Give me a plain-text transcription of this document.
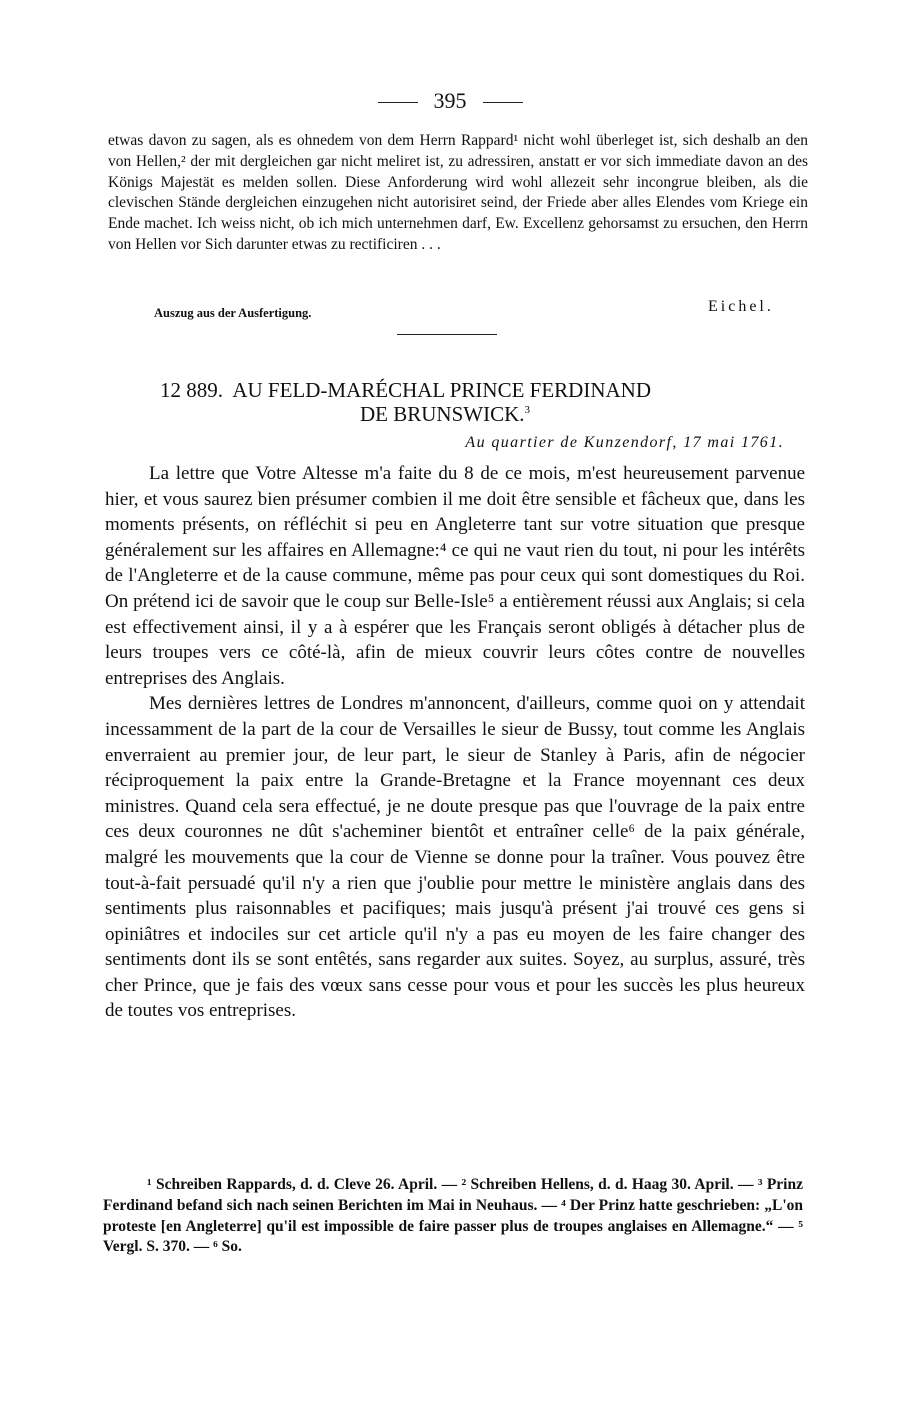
395

etwas davon zu sagen, als es ohnedem von dem Herrn Rappard¹ nicht wohl überleget ist, sich deshalb an den von Hellen,² der mit dergleichen gar nicht meliret ist, zu adressiren, anstatt er vor sich immediate davon an des Königs Majestät es melden sollen. Diese Anforderung wird wohl allezeit sehr incongrue bleiben, als die clevischen Stände dergleichen einzugehen nicht autorisiret seind, der Friede aber alles Elendes vom Kriege ein Ende machet. Ich weiss nicht, ob ich mich unternehmen darf, Ew. Excellenz gehorsamst zu ersuchen, den Herrn von Hellen vor Sich darunter etwas zu rectificiren . . .

Auszug aus der Ausfertigung.	Eichel.
12 889. AU FELD-MARÉCHAL PRINCE FERDINAND
DE BRUNSWICK.$^3$
Au quartier de Kunzendorf, 17 mai 1761.

La lettre que Votre Altesse m'a faite du 8 de ce mois, m'est heureusement parvenue hier, et vous saurez bien présumer combien il me doit être sensible et fâcheux que, dans les moments présents, on réfléchit si peu en Angleterre tant sur votre situation que presque généralement sur les affaires en Allemagne:⁴ ce qui ne vaut rien du tout, ni pour les intérêts de l'Angleterre et de la cause commune, même pas pour ceux qui sont domestiques du Roi. On prétend ici de savoir que le coup sur Belle-Isle⁵ a entièrement réussi aux Anglais; si cela est effectivement ainsi, il y a à espérer que les Français seront obligés à détacher plus de leurs troupes vers ce côté-là, afin de mieux couvrir leurs côtes contre de nouvelles entreprises des Anglais.

Mes dernières lettres de Londres m'annoncent, d'ailleurs, comme quoi on y attendait incessamment de la part de la cour de Versailles le sieur de Bussy, tout comme les Anglais enverraient au premier jour, de leur part, le sieur de Stanley à Paris, afin de négocier réciproquement la paix entre la Grande-Bretagne et la France moyennant ces deux ministres. Quand cela sera effectué, je ne doute presque pas que l'ouvrage de la paix entre ces deux couronnes ne dût s'acheminer bientôt et entraîner celle⁶ de la paix générale, malgré les mouvements que la cour de Vienne se donne pour la traîner. Vous pouvez être tout-à-fait persuadé qu'il n'y a rien que j'oublie pour mettre le ministère anglais dans des sentiments plus raisonnables et pacifiques; mais jusqu'à présent j'ai trouvé ces gens si opiniâtres et indociles sur cet article qu'il n'y a pas eu moyen de les faire changer des sentiments dont ils se sont entêtés, sans regarder aux suites. Soyez, au surplus, assuré, très cher Prince, que je fais des vœux sans cesse pour vous et pour les succès les plus heureux de toutes vos entreprises.

¹ Schreiben Rappards, d. d. Cleve 26. April. — ² Schreiben Hellens, d. d. Haag 30. April. — ³ Prinz Ferdinand befand sich nach seinen Berichten im Mai in Neuhaus. — ⁴ Der Prinz hatte geschrieben: „L'on proteste [en Angleterre] qu'il est impossible de faire passer plus de troupes anglaises en Allemagne.“ — ⁵ Vergl. S. 370. — ⁶ So.
